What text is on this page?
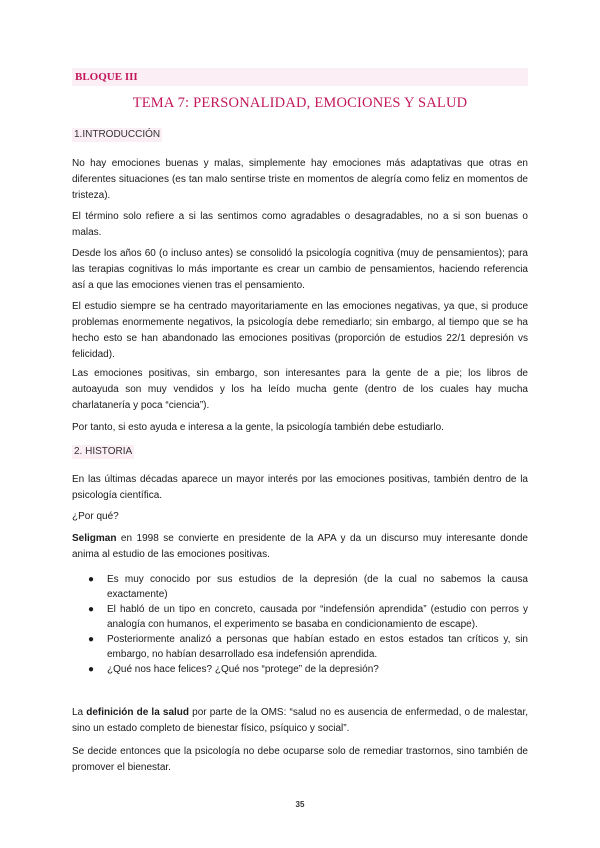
BLOQUE III
TEMA 7: PERSONALIDAD, EMOCIONES Y SALUD
1.INTRODUCCIÓN

No hay emociones buenas y malas, simplemente hay emociones más adaptativas que otras en diferentes situaciones (es tan malo sentirse triste en momentos de alegría como feliz en momentos de tristeza).

El término solo refiere a si las sentimos como agradables o desagradables, no a si son buenas o malas.

Desde los años 60 (o incluso antes) se consolidó la psicología cognitiva (muy de pensamientos); para las terapias cognitivas lo más importante es crear un cambio de pensamientos, haciendo referencia así a que las emociones vienen tras el pensamiento.

El estudio siempre se ha centrado mayoritariamente en las emociones negativas, ya que, si produce problemas enormemente negativos, la psicología debe remediarlo; sin embargo, al tiempo que se ha hecho esto se han abandonado las emociones positivas (proporción de estudios 22/1 depresión vs felicidad).

Las emociones positivas, sin embargo, son interesantes para la gente de a pie; los libros de autoayuda son muy vendidos y los ha leído mucha gente (dentro de los cuales hay mucha charlatanería y poca “ciencia”).

Por tanto, si esto ayuda e interesa a la gente, la psicología también debe estudiarlo.

2. HISTORIA

En las últimas décadas aparece un mayor interés por las emociones positivas, también dentro de la psicología científica.

¿Por qué?

Seligman en 1998 se convierte en presidente de la APA y da un discurso muy interesante donde anima al estudio de las emociones positivas.

● Es muy conocido por sus estudios de la depresión (de la cual no sabemos la causa exactamente)
● El habló de un tipo en concreto, causada por “indefensión aprendida” (estudio con perros y analogía con humanos, el experimento se basaba en condicionamiento de escape).
● Posteriormente analizó a personas que habían estado en estos estados tan críticos y, sin embargo, no habían desarrollado esa indefensión aprendida.
● ¿Qué nos hace felices? ¿Qué nos “protege” de la depresión?

La definición de la salud por parte de la OMS: “salud no es ausencia de enfermedad, o de malestar, sino un estado completo de bienestar físico, psíquico y social”.

Se decide entonces que la psicología no debe ocuparse solo de remediar trastornos, sino también de promover el bienestar.

35
